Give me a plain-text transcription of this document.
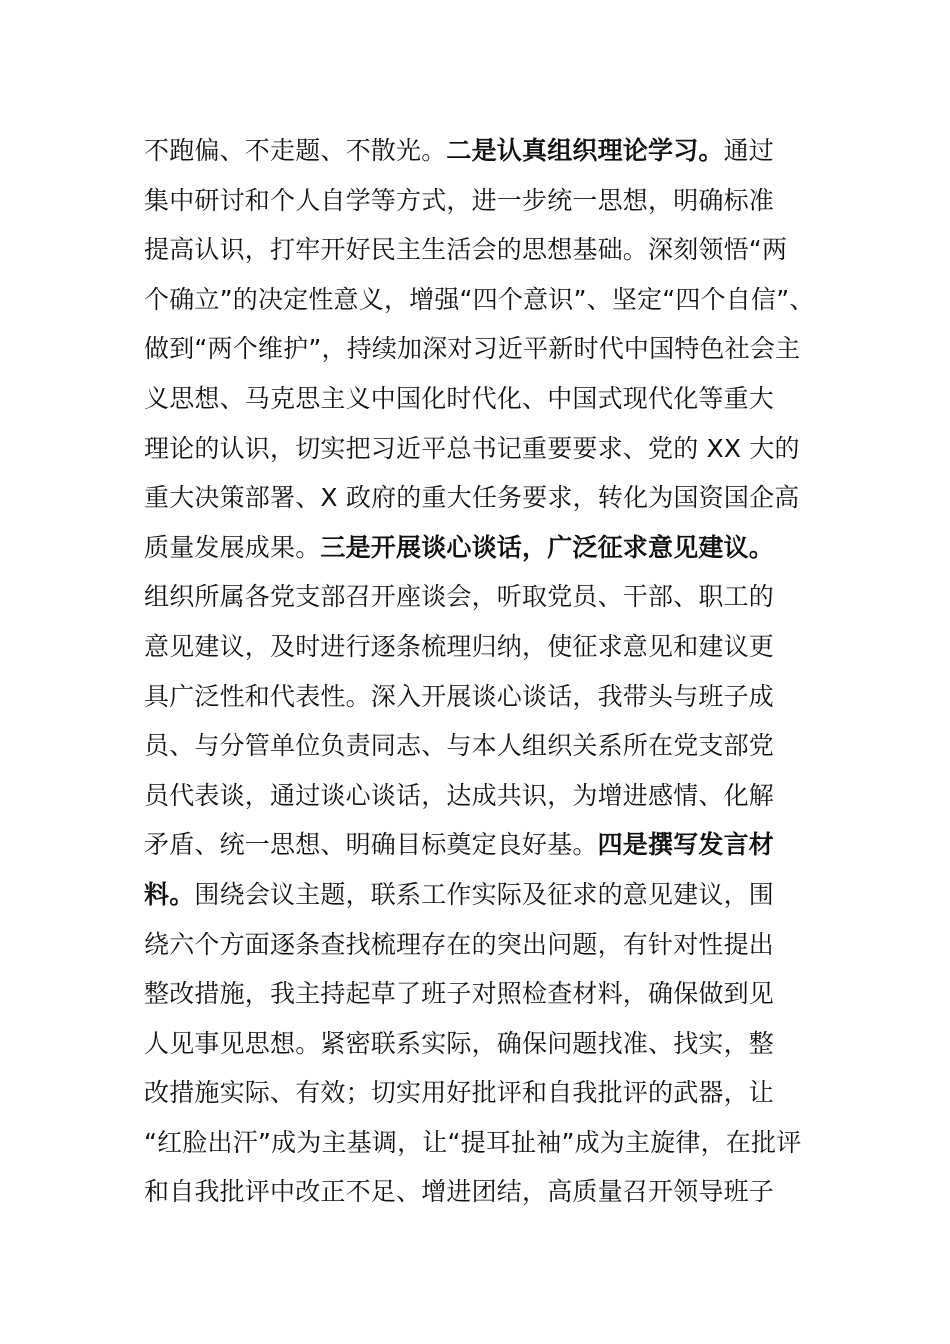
不跑偏、不走题、不散光。二是认真组织理论学习。通过
集中研讨和个人自学等方式，进一步统一思想，明确标准
提高认识，打牢开好民主生活会的思想基础。深刻领悟“两
个确立”的决定性意义，增强“四个意识”、坚定“四个自信”、
做到“两个维护”，持续加深对习近平新时代中国特色社会主
义思想、马克思主义中国化时代化、中国式现代化等重大
理论的认识，切实把习近平总书记重要要求、党的 XX 大的
重大决策部署、X 政府的重大任务要求，转化为国资国企高
质量发展成果。三是开展谈心谈话，广泛征求意见建议。
组织所属各党支部召开座谈会，听取党员、干部、职工的
意见建议，及时进行逐条梳理归纳，使征求意见和建议更
具广泛性和代表性。深入开展谈心谈话，我带头与班子成
员、与分管单位负责同志、与本人组织关系所在党支部党
员代表谈，通过谈心谈话，达成共识，为增进感情、化解
矛盾、统一思想、明确目标奠定良好基。四是撰写发言材
料。围绕会议主题，联系工作实际及征求的意见建议，围
绕六个方面逐条查找梳理存在的突出问题，有针对性提出
整改措施，我主持起草了班子对照检查材料，确保做到见
人见事见思想。紧密联系实际，确保问题找准、找实，整
改措施实际、有效；切实用好批评和自我批评的武器，让
“红脸出汗”成为主基调，让“提耳扯袖”成为主旋律，在批评
和自我批评中改正不足、增进团结，高质量召开领导班子
